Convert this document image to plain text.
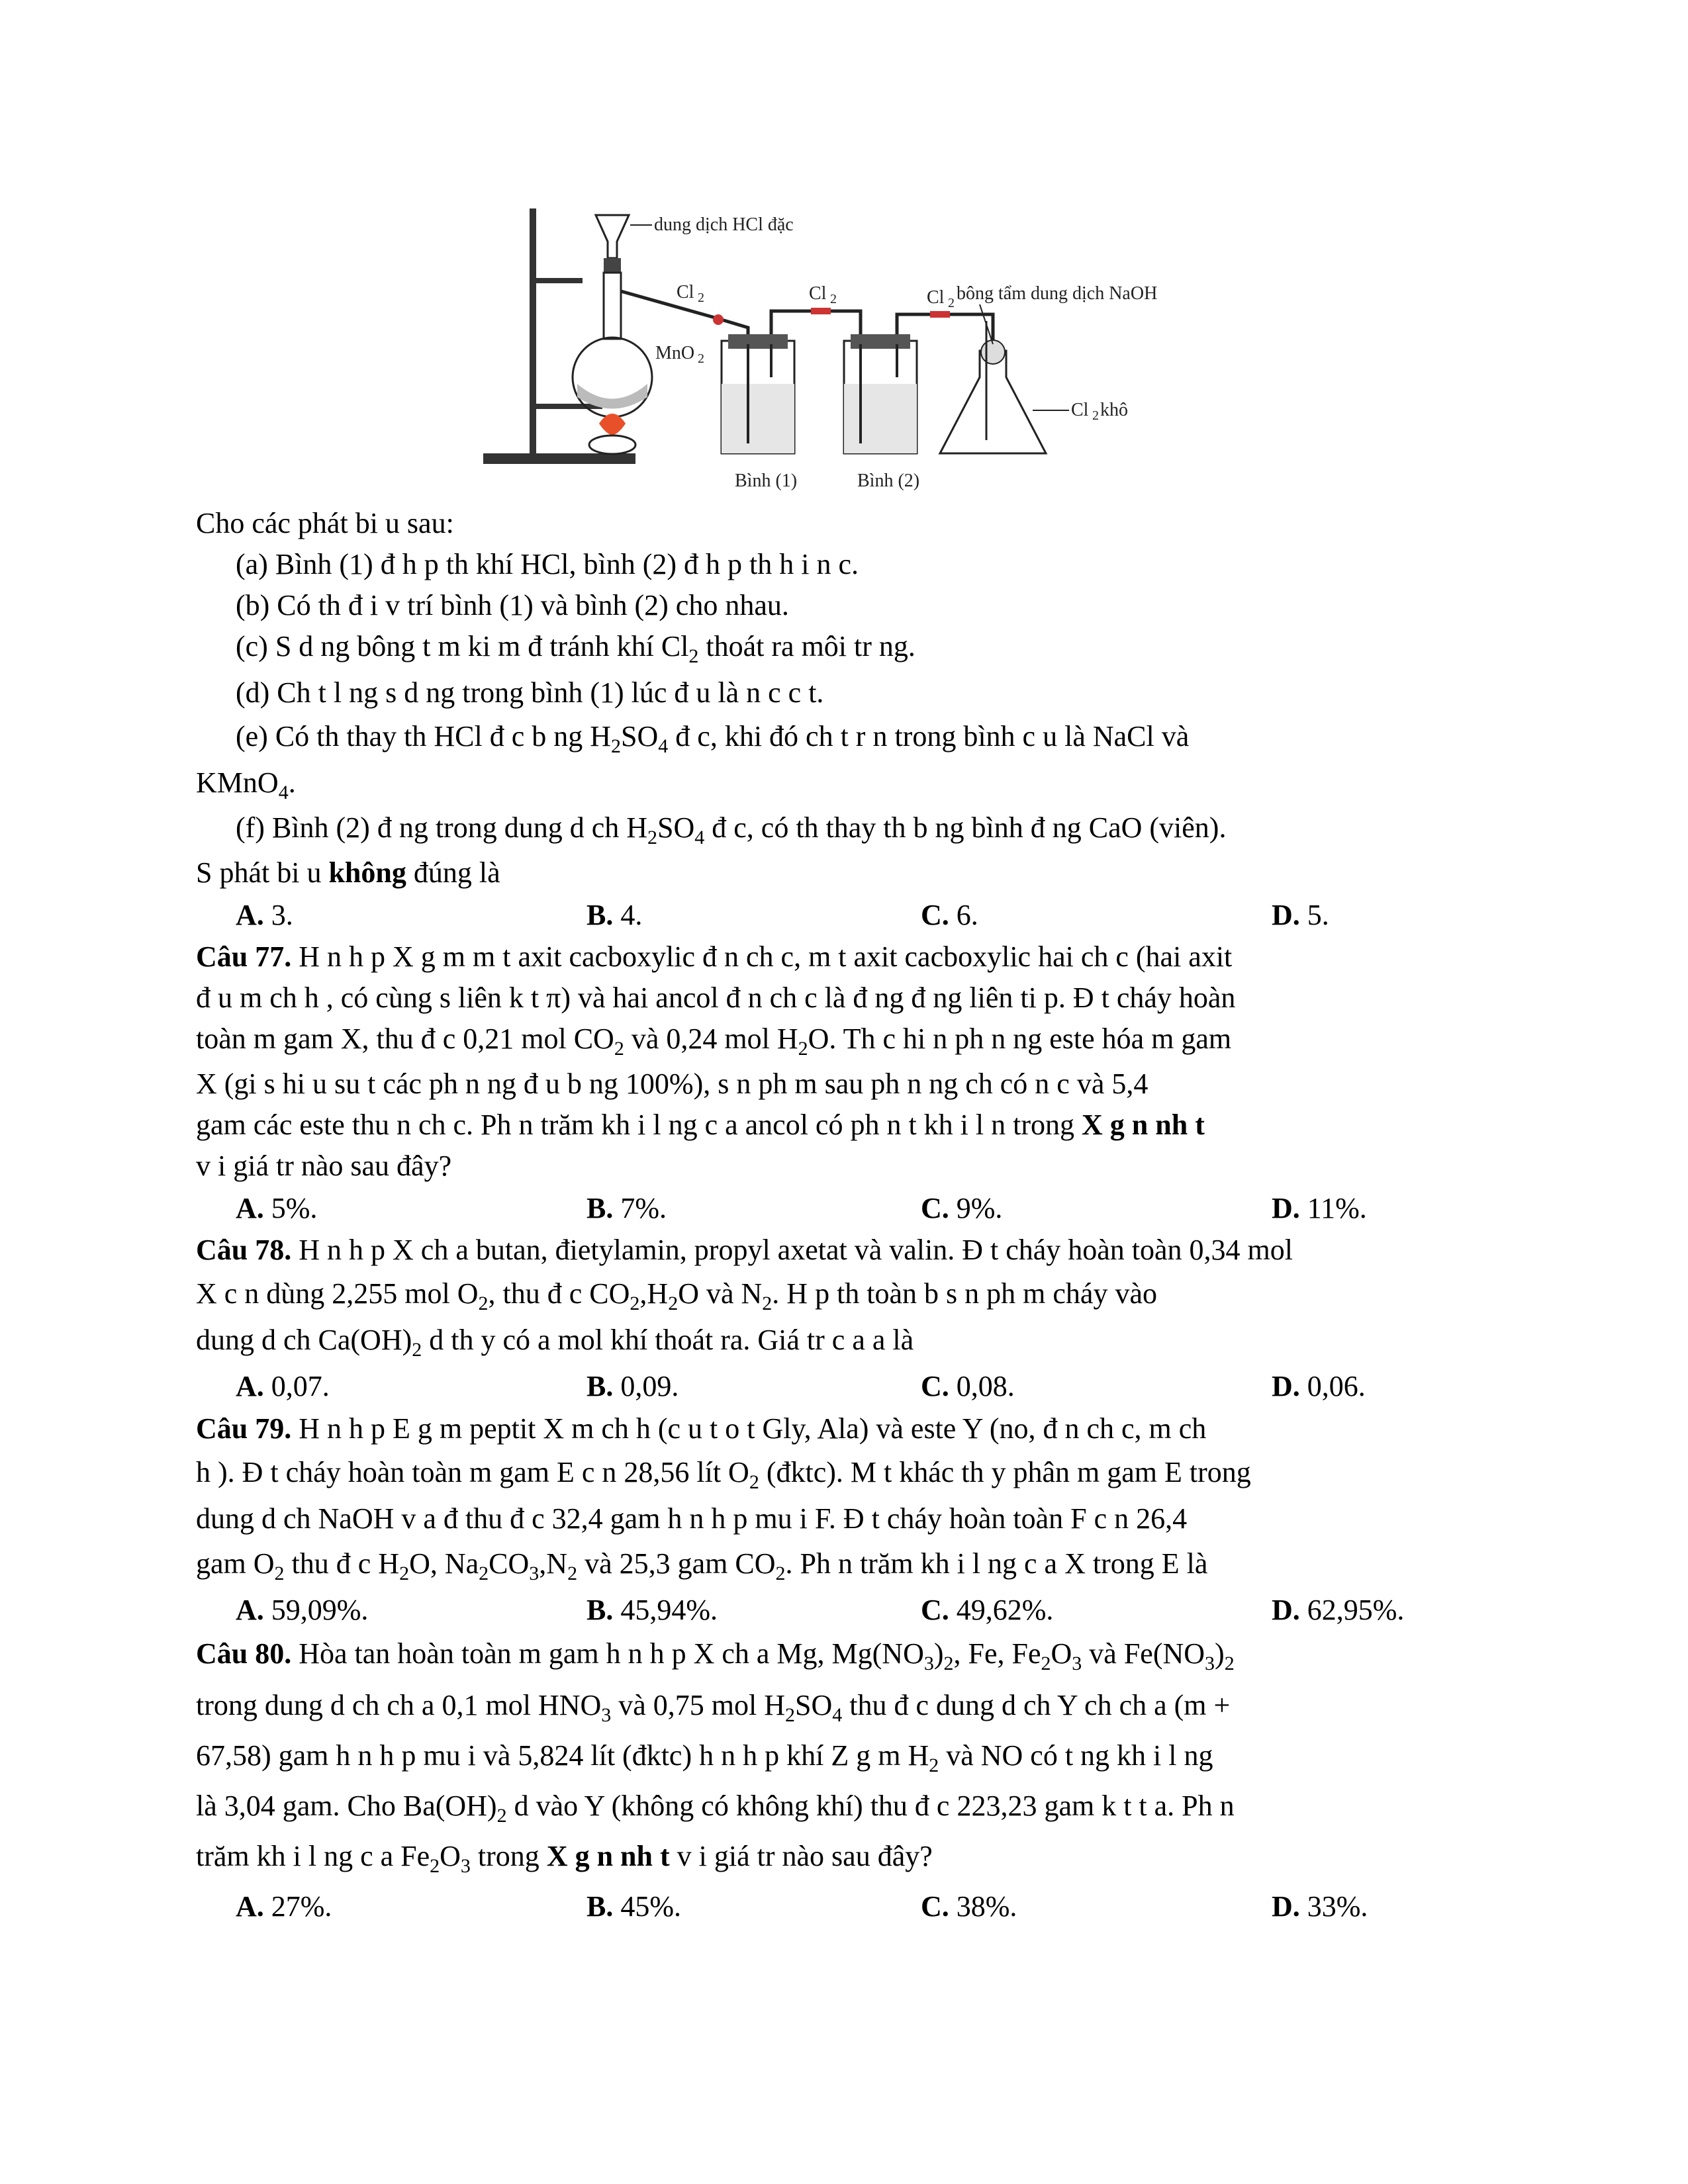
dung dịch HCl đặc
Cl 2	Cl 2	Cl 2
MnO 2
bông tẩm dung dịch NaOH
Cl 2 khô
Bình (1)	Bình (2)
Cho các phát bi u sau:
(a) Bình (1) đ h p th khí HCl, bình (2) đ h p th h i n c.
(b) Có th đ i v trí bình (1) và bình (2) cho nhau.
(c) S d ng bông t m ki m đ tránh khí $Cl_2$ thoát ra môi tr ng.
(d) Ch t l ng s d ng trong bình (1) lúc đ u là n c c t.
(e) Có th thay th HCl đ c b ng $H_2SO_4$ đ c, khi đó ch t r n trong bình c u là NaCl và
KMnO$_4$.
(f) Bình (2) đ ng trong dung d ch $H_2SO_4$ đ c, có th thay th b ng bình đ ng CaO (viên).
S phát bi u không đúng là
A. 3.	B. 4.	C. 6.	D. 5.
Câu 77. H n h p X g m m t axit cacboxylic đ n ch c, m t axit cacboxylic hai ch c (hai axit
đ u m ch h , có cùng s liên k t π) và hai ancol đ n ch c là đ ng đ ng liên ti p. Đ t cháy hoàn
toàn m gam X, thu đ c 0,21 mol $CO_2$ và 0,24 mol $H_2O$. Th c hi n ph n ng este hóa m gam
X (gi s hi u su t các ph n ng đ u b ng 100%), s n ph m sau ph n ng ch có n c và 5,4
gam các este thu n ch c. Ph n trăm kh i l ng c a ancol có ph n t kh i l n trong X g n nh t
v i giá tr nào sau đây?
A. 5%.	B. 7%.	C. 9%.	D. 11%.
Câu 78. H n h p X ch a butan, đietylamin, propyl axetat và valin. Đ t cháy hoàn toàn 0,34 mol
X c n dùng 2,255 mol $O_2$, thu đ c $CO_2,H_2O$ và $N_2$. H p th toàn b s n ph m cháy vào
dung d ch $Ca(OH)_2$ d th y có a mol khí thoát ra. Giá tr c a a là
A. 0,07.	B. 0,09.	C. 0,08.	D. 0,06.
Câu 79. H n h p E g m peptit X m ch h (c u t o t Gly, Ala) và este Y (no, đ n ch c, m ch
h ). Đ t cháy hoàn toàn m gam E c n 28,56 lít $O_2$ (đktc). M t khác th y phân m gam E trong
dung d ch NaOH v a đ thu đ c 32,4 gam h n h p mu i F. Đ t cháy hoàn toàn F c n 26,4
gam $O_2$ thu đ c $H_2O$, $Na_2CO_3,N_2$ và 25,3 gam $CO_2$. Ph n trăm kh i l ng c a X trong E là
A. 59,09%.	B. 45,94%.	C. 49,62%.	D. 62,95%.
Câu 80. Hòa tan hoàn toàn m gam h n h p X ch a Mg, $Mg(NO_3)_2$, Fe, $Fe_2O_3$ và $Fe(NO_3)_2$
trong dung d ch ch a 0,1 mol $HNO_3$ và 0,75 mol $H_2SO_4$ thu đ c dung d ch Y ch ch a (m +
67,58) gam h n h p mu i và 5,824 lít (đktc) h n h p khí Z g m $H_2$ và NO có t ng kh i l ng
là 3,04 gam. Cho $Ba(OH)_2$ d vào Y (không có không khí) thu đ c 223,23 gam k t t a. Ph n
trăm kh i l ng c a $Fe_2O_3$ trong X g n nh t v i giá tr nào sau đây?
A. 27%.	B. 45%.	C. 38%.	D. 33%.
